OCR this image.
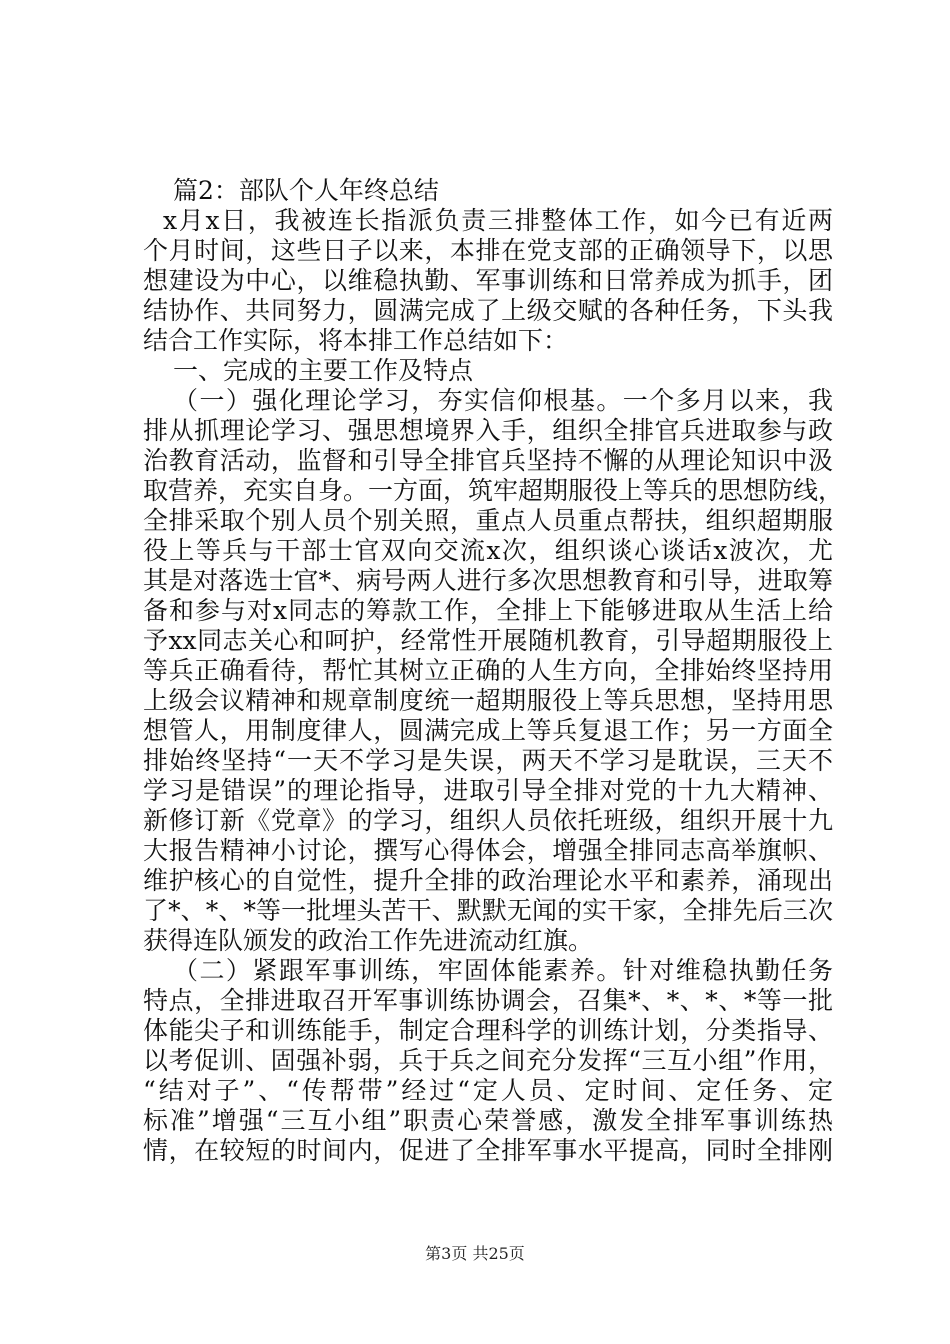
篇2：部队个人年终总结
x月x日，我被连长指派负责三排整体工作，如今已有近两
个月时间，这些日子以来，本排在党支部的正确领导下，以思
想建设为中心，以维稳执勤、军事训练和日常养成为抓手，团
结协作、共同努力，圆满完成了上级交赋的各种任务，下头我
结合工作实际，将本排工作总结如下：
一、完成的主要工作及特点
（一）强化理论学习，夯实信仰根基。一个多月以来，我
排从抓理论学习、强思想境界入手，组织全排官兵进取参与政
治教育活动，监督和引导全排官兵坚持不懈的从理论知识中汲
取营养，充实自身。一方面，筑牢超期服役上等兵的思想防线，
全排采取个别人员个别关照，重点人员重点帮扶，组织超期服
役上等兵与干部士官双向交流x次，组织谈心谈话x波次，尤
其是对落选士官*、病号两人进行多次思想教育和引导，进取筹
备和参与对x同志的筹款工作，全排上下能够进取从生活上给
予xx同志关心和呵护，经常性开展随机教育，引导超期服役上
等兵正确看待，帮忙其树立正确的人生方向，全排始终坚持用
上级会议精神和规章制度统一超期服役上等兵思想，坚持用思
想管人，用制度律人，圆满完成上等兵复退工作；另一方面全
排始终坚持“一天不学习是失误，两天不学习是耽误，三天不
学习是错误”的理论指导，进取引导全排对党的十九大精神、
新修订新《党章》的学习，组织人员依托班级，组织开展十九
大报告精神小讨论，撰写心得体会，增强全排同志高举旗帜、
维护核心的自觉性，提升全排的政治理论水平和素养，涌现出
了*、*、*等一批埋头苦干、默默无闻的实干家，全排先后三次
获得连队颁发的政治工作先进流动红旗。
（二）紧跟军事训练，牢固体能素养。针对维稳执勤任务
特点，全排进取召开军事训练协调会，召集*、*、*、*等一批
体能尖子和训练能手，制定合理科学的训练计划，分类指导、
以考促训、固强补弱，兵于兵之间充分发挥“三互小组”作用，
“结对子”、“传帮带”经过“定人员、定时间、定任务、定
标准”增强“三互小组”职责心荣誉感，激发全排军事训练热
情，在较短的时间内，促进了全排军事水平提高，同时全排刚
第3页 共25页
